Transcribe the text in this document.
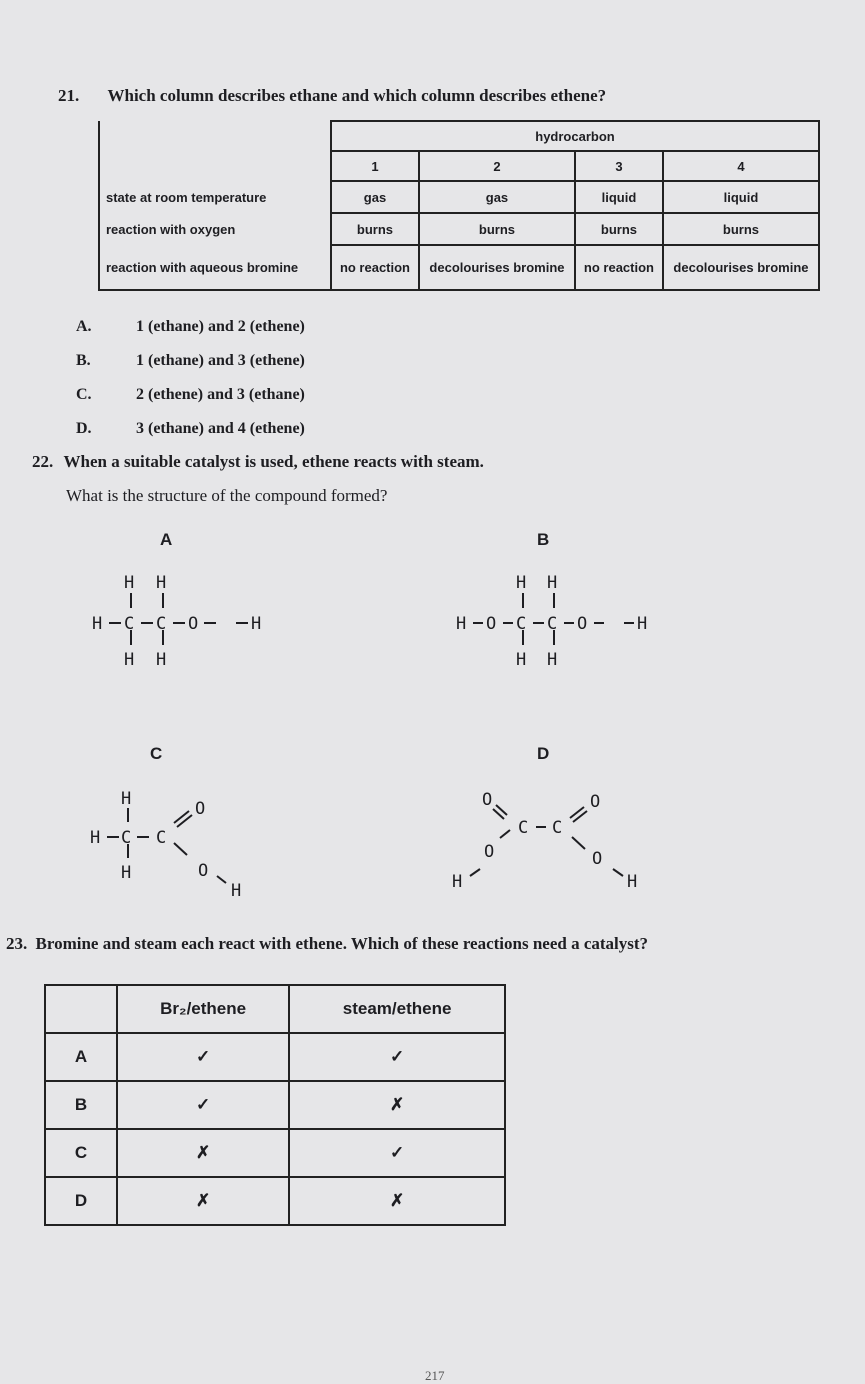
21. Which column describes ethane and which column describes ethene?
	hydrocarbon			
	1	2	3	4
state at room temperature	gas	gas	liquid	liquid
reaction with oxygen	burns	burns	burns	burns
reaction with aqueous bromine	no reaction	decolourises bromine	no reaction	decolourises bromine
A.	1 (ethane) and 2 (ethene)
B.	1 (ethane) and 3 (ethene)
C.	2 (ethene) and 3 (ethane)
D.	3 (ethane) and 4 (ethene)
22. When a suitable catalyst is used, ethene reacts with steam.
What is the structure of the compound formed?
A	B
C	D
H C C O	H
H H
H H
H O C C O	H
H H
H H
H C C
H
H
O
O
H
O
C C
O
O	O
H	H
23. Bromine and steam each react with ethene. Which of these reactions need a catalyst?
	Br₂/ethene	steam/ethene
A	✓	✓
B	✓	✗
C	✗	✓
D	✗	✗
217
